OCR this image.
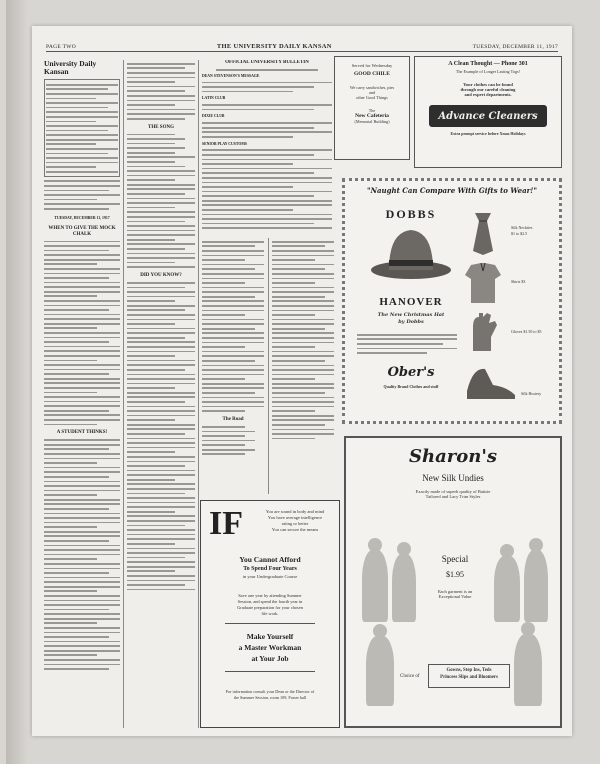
PAGE TWO	THE UNIVERSITY DAILY KANSAN	TUESDAY, DECEMBER 11, 1917
University Daily Kansan
TUESDAY, DECEMBER 11, 1917
WHEN TO GIVE THE MOCK CHALK
A STUDENT THINKS!
THE SONG
DID YOU KNOW?
OFFICIAL UNIVERSITY BULLETIN
DEAN STEVENSON'S MESSAGE
LATIN CLUB
DIXIE CLUB
SENIOR PLAY CUSTOMS
The Road
Served for Wednesday
GOOD CHILE
We carry sandwiches, pies
and
other Good Things
The
New Cafeteria
(Memorial Building)
A Clean Thought — Phone 301
The Example of Longer Lasting Togs!
Your clothes can be found
through our careful cleaning
and expert departments.
Advance Cleaners
Extra prompt service before Xmas Holidays
"Naught Can Compare With Gifts to Wear!"
DOBBS
HANOVER
The New Christmas Hat
by Dobbs
Ober's
Quality Brand Clothes and stuff
Silk Neckties
$1 to $2.5
Shirts $3
Gloves $1.50 to $5
Silk Hosiery
IF	You are sound in body and mind
You have average intelligence
rating or better
You can secure the means
You Cannot Afford
To Spend Four Years
in your Undergraduate Course
Save one year by attending Summer
Session, and spend the fourth year in
Graduate preparation for your chosen
life work.
Make Yourself
a Master Workman
at Your Job
For information consult your Dean or the Director of
the Summer Session, room 109, Fraser hall
Sharon's
New Silk Undies
Exactly made of superb quality of Batiste
Tailored and Lacy Trim Styles
Special
$1.95
Each garment is an
Exceptional Value
Choice of
Gowns, Step Ins, Teds
Princess Slips and Bloomers
